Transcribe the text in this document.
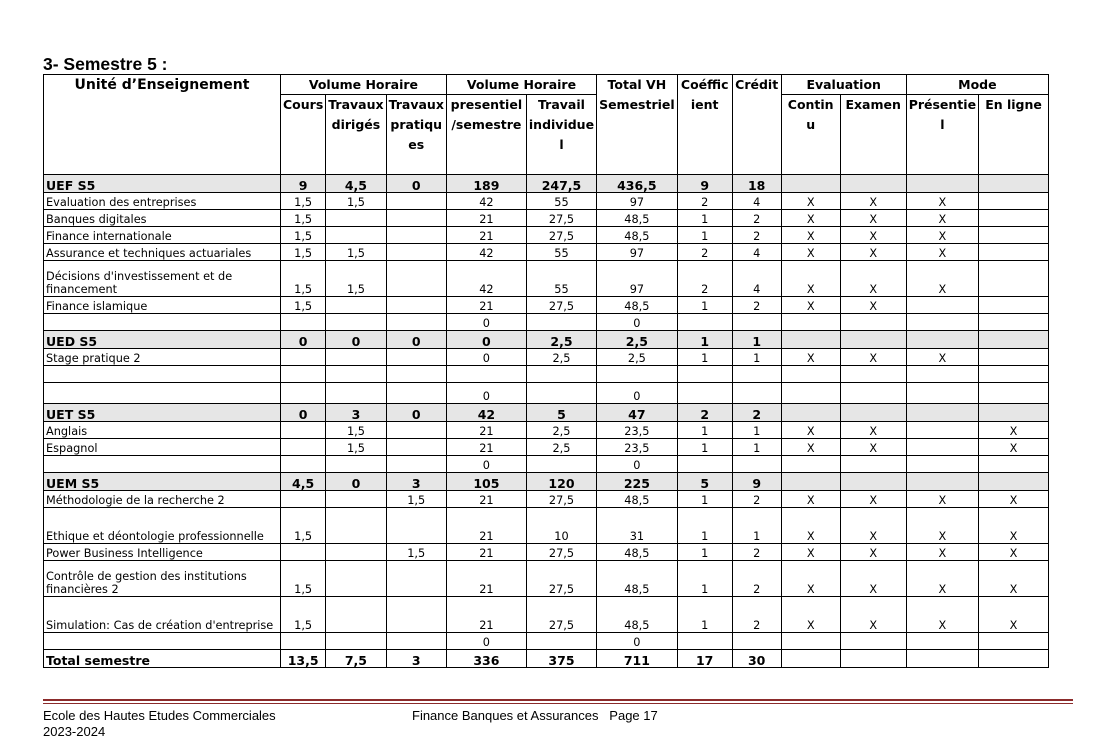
3- Semestre 5 :
Unité d’Enseignement	Volume Horaire			Volume Horaire		Total VH	Coéffic	Crédit	Evaluation		Mode	
	Cours	Travaux dirigés	Travaux pratiqu es	presentiel /semestre	Travail individue l	Semestriel	ient		Contin u	Examen	Présentie l	En ligne
UEF S5	9	4,5	0	189	247,5	436,5	9	18				
Evaluation des entreprises	1,5	1,5		42	55	97	2	4	X	X	X	
Banques digitales	1,5			21	27,5	48,5	1	2	X	X	X	
Finance internationale	1,5			21	27,5	48,5	1	2	X	X	X	
Assurance et techniques actuariales	1,5	1,5		42	55	97	2	4	X	X	X	
Décisions d'investissement et de financement	1,5	1,5		42	55	97	2	4	X	X	X	
Finance islamique	1,5			21	27,5	48,5	1	2	X	X		
				0		0						
UED S5	0	0	0	0	2,5	2,5	1	1				
Stage pratique 2				0	2,5	2,5	1	1	X	X	X	

				0		0						
UET S5	0	3	0	42	5	47	2	2				
Anglais		1,5		21	2,5	23,5	1	1	X	X		X
Espagnol		1,5		21	2,5	23,5	1	1	X	X		X
				0		0						
UEM S5	4,5	0	3	105	120	225	5	9				
Méthodologie de la recherche 2			1,5	21	27,5	48,5	1	2	X	X	X	X
Ethique et déontologie professionnelle	1,5			21	10	31	1	1	X	X	X	X
Power Business Intelligence			1,5	21	27,5	48,5	1	2	X	X	X	X
Contrôle de gestion des institutions financières 2	1,5			21	27,5	48,5	1	2	X	X	X	X
Simulation: Cas de création d'entreprise	1,5			21	27,5	48,5	1	2	X	X	X	X
				0		0						
Total semestre	13,5	7,5	3	336	375	711	17	30				
Ecole des Hautes Etudes Commerciales	Finance Banques et Assurances Page 17
2023-2024
